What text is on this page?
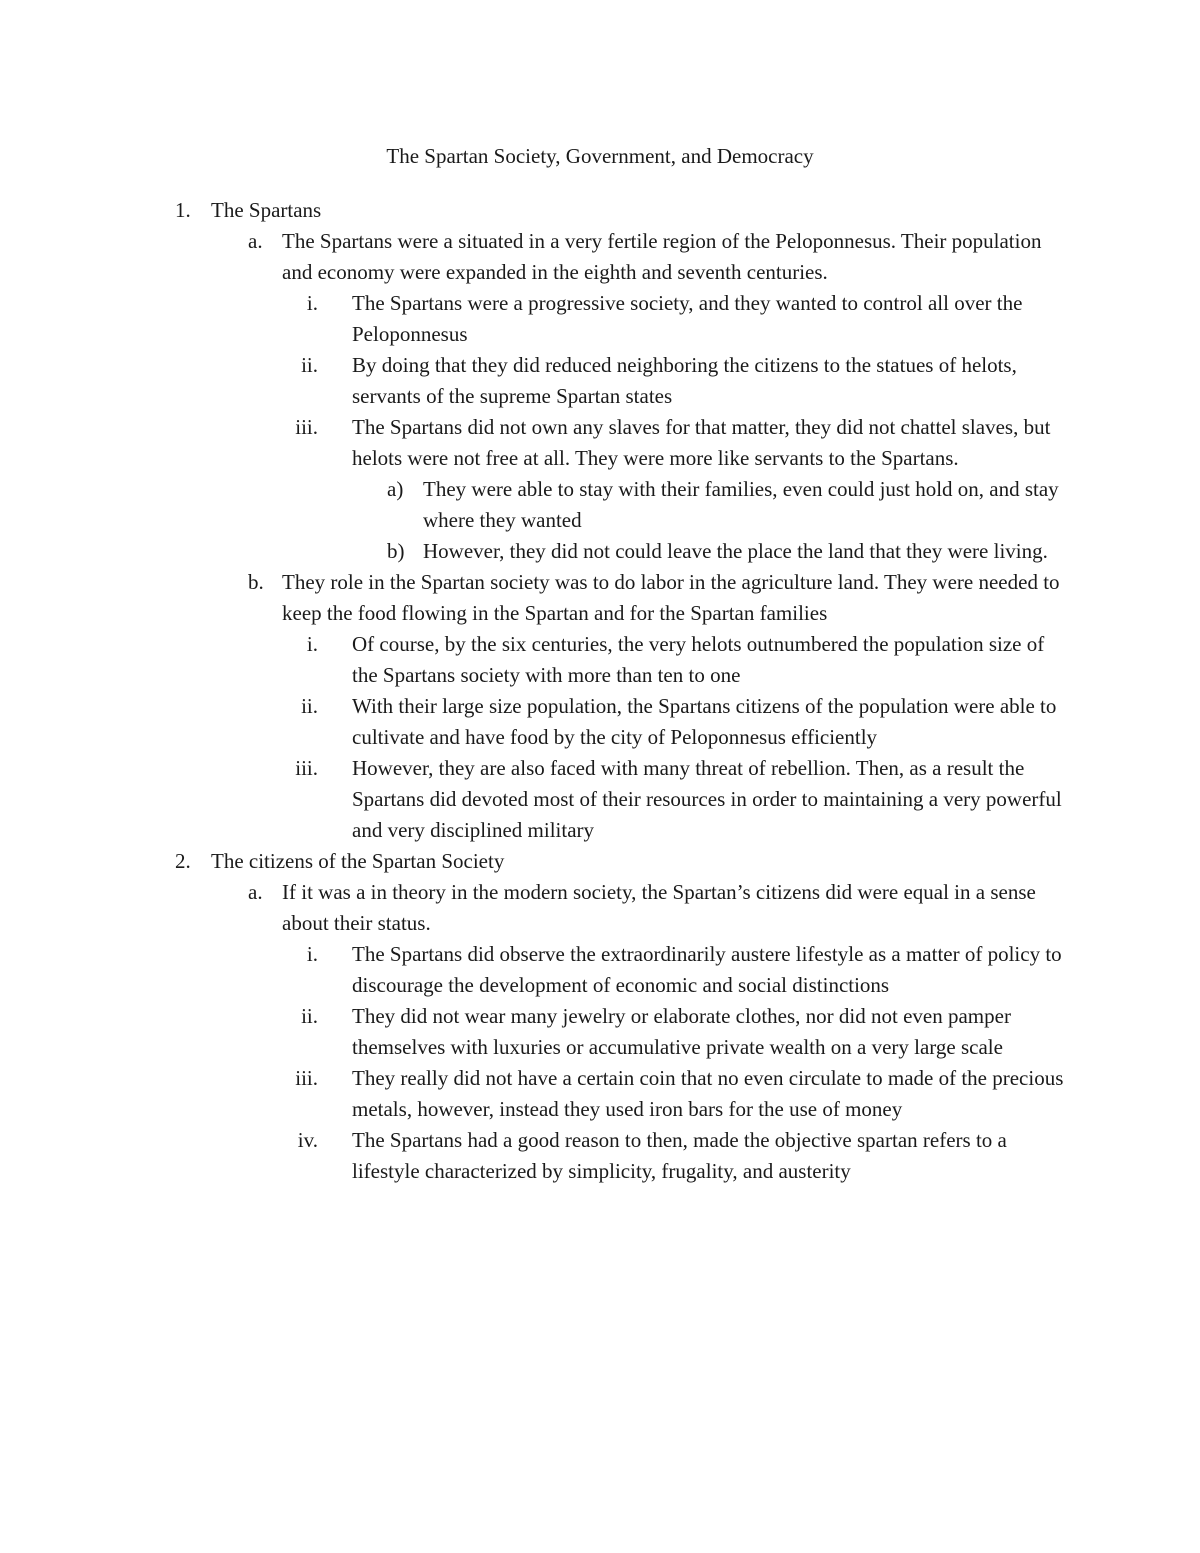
The Spartan Society, Government, and Democracy
1. The Spartans
a. The Spartans were a situated in a very fertile region of the Peloponnesus. Their population and economy were expanded in the eighth and seventh centuries.
i. The Spartans were a progressive society, and they wanted to control all over the Peloponnesus
ii. By doing that they did reduced neighboring the citizens to the statues of helots, servants of the supreme Spartan states
iii. The Spartans did not own any slaves for that matter, they did not chattel slaves, but helots were not free at all. They were more like servants to the Spartans.
a) They were able to stay with their families, even could just hold on, and stay where they wanted
b) However, they did not could leave the place the land that they were living.
b. They role in the Spartan society was to do labor in the agriculture land. They were needed to keep the food flowing in the Spartan and for the Spartan families
i. Of course, by the six centuries, the very helots outnumbered the population size of the Spartans society with more than ten to one
ii. With their large size population, the Spartans citizens of the population were able to cultivate and have food by the city of Peloponnesus efficiently
iii. However, they are also faced with many threat of rebellion. Then, as a result the Spartans did devoted most of their resources in order to maintaining a very powerful and very disciplined military
2. The citizens of the Spartan Society
a. If it was a in theory in the modern society, the Spartan’s citizens did were equal in a sense about their status.
i. The Spartans did observe the extraordinarily austere lifestyle as a matter of policy to discourage the development of economic and social distinctions
ii. They did not wear many jewelry or elaborate clothes, nor did not even pamper themselves with luxuries or accumulative private wealth on a very large scale
iii. They really did not have a certain coin that no even circulate to made of the precious metals, however, instead they used iron bars for the use of money
iv. The Spartans had a good reason to then, made the objective spartan refers to a lifestyle characterized by simplicity, frugality, and austerity
